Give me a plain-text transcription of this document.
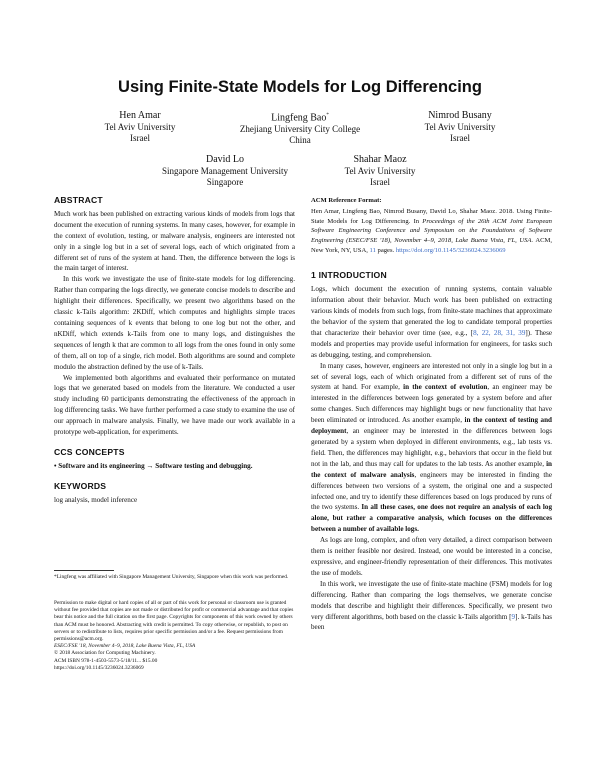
Using Finite-State Models for Log Differencing
Hen Amar
Tel Aviv University
Israel
Lingfeng Bao*
Zhejiang University City College
China
Nimrod Busany
Tel Aviv University
Israel
David Lo
Singapore Management University
Singapore
Shahar Maoz
Tel Aviv University
Israel
ABSTRACT

Much work has been published on extracting various kinds of models from logs that document the execution of running systems. In many cases, however, for example in the context of evolution, testing, or malware analysis, engineers are interested not only in a single log but in a set of several logs, each of which originated from a different set of runs of the system at hand. Then, the difference between the logs is the main target of interest.

In this work we investigate the use of finite-state models for log differencing. Rather than comparing the logs directly, we generate concise models to describe and highlight their differences. Specifically, we present two algorithms based on the classic k-Tails algorithm: 2KDiff, which computes and highlights simple traces containing sequences of k events that belong to one log but not the other, and nKDiff, which extends k-Tails from one to many logs, and distinguishes the sequences of length k that are common to all logs from the ones found in only some of them, all on top of a single, rich model. Both algorithms are sound and complete modulo the abstraction defined by the use of k-Tails.

We implemented both algorithms and evaluated their performance on mutated logs that we generated based on models from the literature. We conducted a user study including 60 participants demonstrating the effectiveness of the approach in log differencing tasks. We have further performed a case study to examine the use of our approach in malware analysis. Finally, we have made our work available in a prototype web-application, for experiments.

CCS CONCEPTS

• Software and its engineering → Software testing and debugging.

KEYWORDS

log analysis, model inference

*Lingfeng was affiliated with Singapore Management University, Singapore when this work was performed.

Permission to make digital or hard copies of all or part of this work for personal or classroom use is granted without fee provided that copies are not made or distributed for profit or commercial advantage and that copies bear this notice and the full citation on the first page. Copyrights for components of this work owned by others than ACM must be honored. Abstracting with credit is permitted. To copy otherwise, or republish, to post on servers or to redistribute to lists, requires prior specific permission and/or a fee. Request permissions from permissions@acm.org.

ESEC/FSE '18, November 4–9, 2018, Lake Buena Vista, FL, USA

© 2018 Association for Computing Machinery.

ACM ISBN 978-1-4503-5573-5/18/11... $15.00

https://doi.org/10.1145/3236024.3236069

ACM Reference Format:

Hen Amar, Lingfeng Bao, Nimrod Busany, David Lo, Shahar Maoz. 2018. Using Finite-State Models for Log Differencing. In Proceedings of the 26th ACM Joint European Software Engineering Conference and Symposium on the Foundations of Software Engineering (ESEC/FSE '18), November 4–9, 2018, Lake Buena Vista, FL, USA. ACM, New York, NY, USA, 11 pages. https://doi.org/10.1145/3236024.3236069

1 INTRODUCTION

Logs, which document the execution of running systems, contain valuable information about their behavior. Much work has been published on extracting various kinds of models from such logs, from finite-state machines that approximate the behavior of the system that generated the log to candidate temporal properties that characterize their behavior over time (see, e.g., [8, 22, 28, 31, 39]). These models and properties may provide useful information for engineers, for tasks such as debugging, testing, and comprehension.

In many cases, however, engineers are interested not only in a single log but in a set of several logs, each of which originated from a different set of runs of the system at hand. For example, in the context of evolution, an engineer may be interested in the differences between logs generated by a system before and after some changes. Such differences may highlight bugs or new functionality that have been eliminated or introduced. As another example, in the context of testing and deployment, an engineer may be interested in the differences between logs generated by a system when deployed in different environments, e.g., lab tests vs. field. Then, the differences may highlight, e.g., behaviors that occur in the field but not in the lab, and thus may call for updates to the lab tests. As another example, in the context of malware analysis, engineers may be interested in finding the differences between two versions of a system, the original one and a suspected infected one, and try to identify these differences based on logs produced by runs of the two systems. In all these cases, one does not require an analysis of each log alone, but rather a comparative analysis, which focuses on the differences between a number of available logs.

As logs are long, complex, and often very detailed, a direct comparison between them is neither feasible nor desired. Instead, one would be interested in a concise, expressive, and engineer-friendly representation of their differences. This motivates the use of models.

In this work, we investigate the use of finite-state machine (FSM) models for log differencing. Rather than comparing the logs themselves, we generate concise models that describe and highlight their differences. Specifically, we present two very different algorithms, both based on the classic k-Tails algorithm [9]. k-Tails has been
